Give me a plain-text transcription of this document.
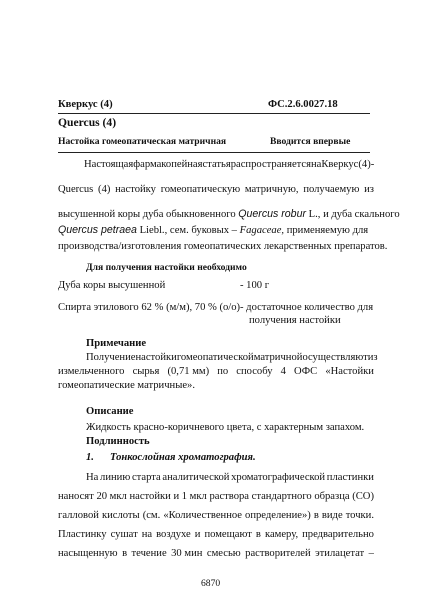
Кверкус (4)	ФС.2.6.0027.18
Quercus (4)
Настойка гомеопатическая матричная	Вводится впервые
Настоящая фармакопейная статья распространяется на Кверкус (4) -
Quercus (4) настойку гомеопатическую матричную, получаемую из
высушенной коры дуба обыкновенного Quercus robur L., и дуба скального
Quercus petraea Liebl., сем. буковых – Fagaceae, применяемую для
производства/изготовления гомеопатических лекарственных препаратов.
Для получения настойки необходимо
Дуба коры высушенной	- 100 г
Спирта этилового 62 % (м/м), 70 % (о/о) - достаточное количество для
получения настойки
Примечание
Получение настойки гомеопатической матричной осуществляют из
измельченного сырья (0,71 мм) по способу 4 ОФС «Настойки
гомеопатические матричные».
Описание
Жидкость красно-коричневого цвета, с характерным запахом.
Подлинность
1. Тонкослойная хроматография.
На линию старта аналитической хроматографической пластинки
наносят 20 мкл настойки и 1 мкл раствора стандартного образца (СО)
галловой кислоты (см. «Количественное определение») в виде точки.
Пластинку сушат на воздухе и помещают в камеру, предварительно
насыщенную в течение 30 мин смесью растворителей этилацетат –
6870
